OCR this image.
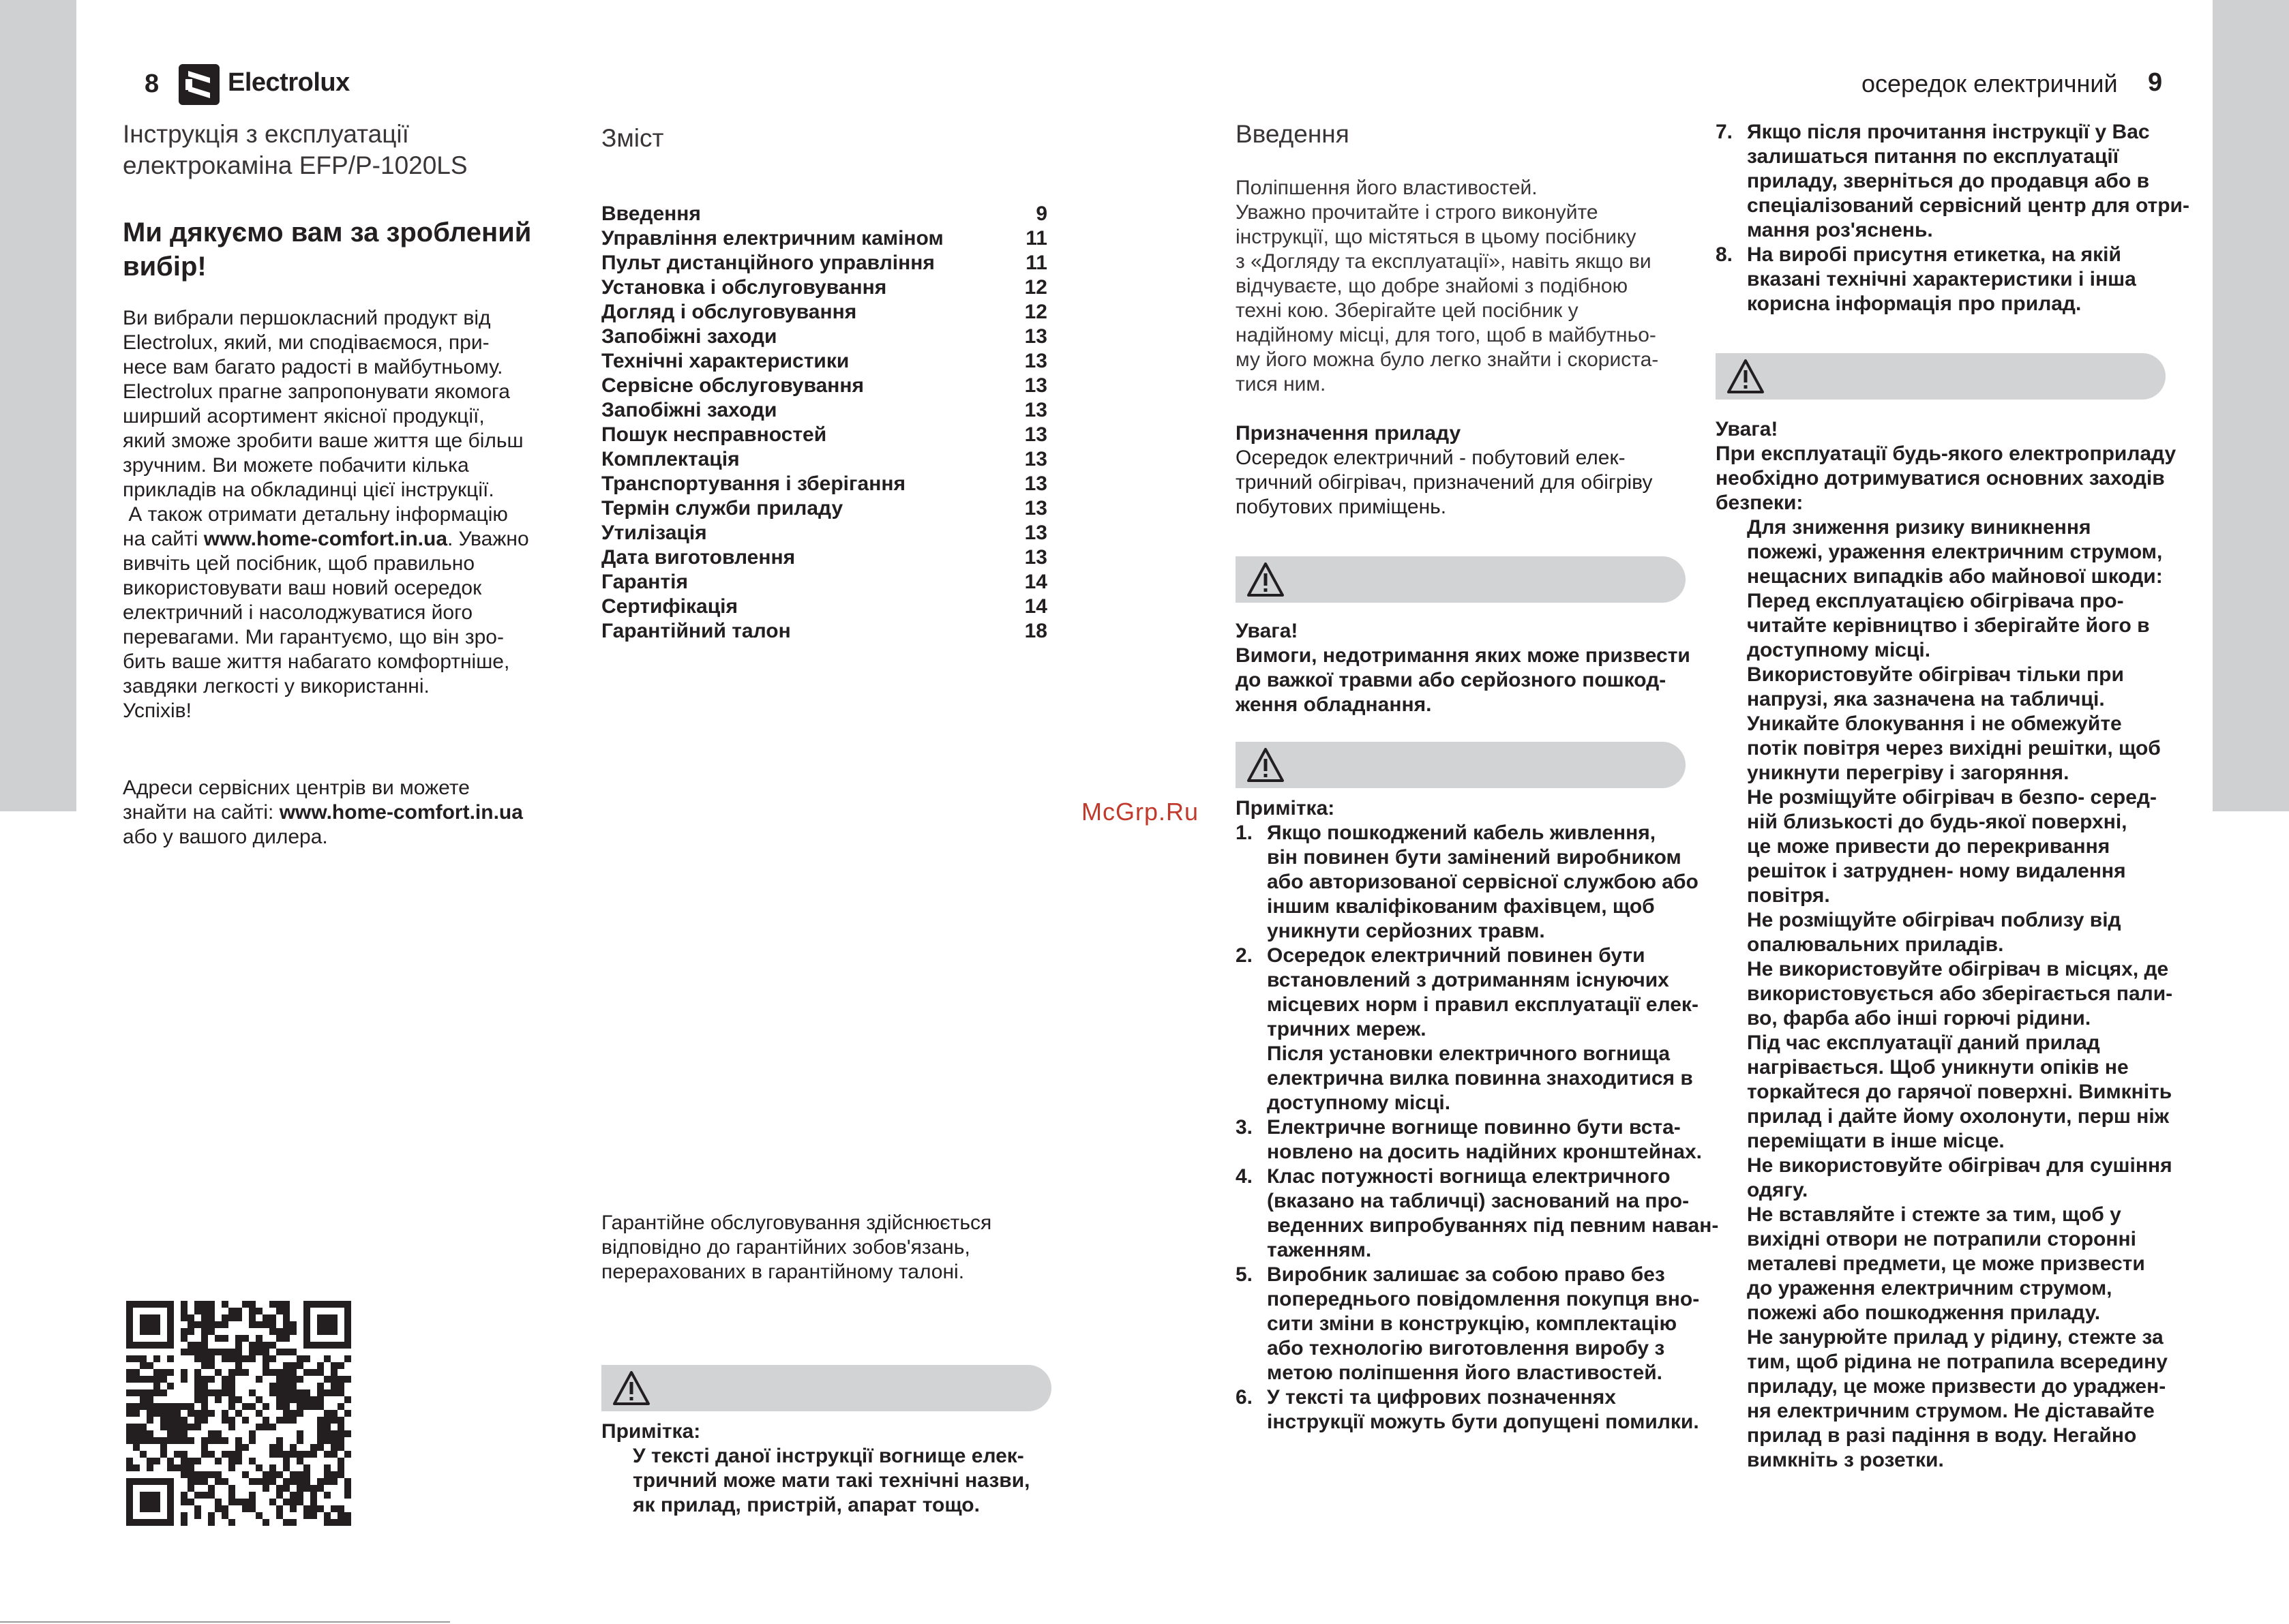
8	Electrolux	осередок електричний 9
Інструкція з експлуатації
електрокаміна EFP/P-1020LS
Ми дякуємо вам за зроблений
вибір!
Ви вибрали першокласний продукт від
Electrolux, який, ми сподіваємося, при-
несе вам багато радості в майбутньому.
Electrolux прагне запропонувати якомога
ширший асортимент якісної продукції,
який зможе зробити ваше життя ще більш
зручним. Ви можете побачити кілька
прикладів на обкладинці цієї інструкції.
А також отримати детальну інформацію
на сайті www.home-comfort.in.ua. Уважно
вивчіть цей посібник, щоб правильно
використовувати ваш новий осередок
електричний і насолоджуватися його
перевагами. Ми гарантуємо, що він зро-
бить ваше життя набагато комфортніше,
завдяки легкості у використанні.
Успіхів!
Адреси сервісних центрів ви можете
знайти на сайті: www.home-comfort.in.ua
або у вашого дилера.
Зміст
Введення	9
Управління електричним каміном	11
Пульт дистанційного управління	11
Установка і обслуговування	12
Догляд і обслуговування	12
Запобіжні заходи	13
Технічні характеристики	13
Сервісне обслуговування	13
Запобіжні заходи	13
Пошук несправностей	13
Комплектація	13
Транспортування і зберігання	13
Термін служби приладу	13
Утилізація	13
Дата виготовлення	13
Гарантія	14
Сертифікація	14
Гарантійний талон	18
Гарантійне обслуговування здійснюється
відповідно до гарантійних зобов'язань,
перерахованих в гарантійному талоні.
Примітка:
У тексті даної інструкції вогнище елек-
тричний може мати такі технічні назви,
як прилад, пристрій, апарат тощо.
Введення
Поліпшення його властивостей.
Уважно прочитайте і строго виконуйте
інструкції, що містяться в цьому посібнику
з «Догляду та експлуатації», навіть якщо ви
відчуваєте, що добре знайомі з подібною
техні кою. Зберігайте цей посібник у
надійному місці, для того, щоб в майбутньо-
му його можна було легко знайти і скориста-
тися ним.
Призначення приладу
Осередок електричний - побутовий елек-
тричний обігрівач, призначений для обігріву
побутових приміщень.
Увага!
Вимоги, недотримання яких може призвести
до важкої травми або серйозного пошкод-
ження обладнання.
Примітка:
1. Якщо пошкоджений кабель живлення,
він повинен бути замінений виробником
або авторизованої сервісної службою або
іншим кваліфікованим фахівцем, щоб
уникнути серйозних травм.
2. Осередок електричний повинен бути
встановлений з дотриманням існуючих
місцевих норм і правил експлуатації елек-
тричних мереж.
Після установки електричного вогнища
електрична вилка повинна знаходитися в
доступному місці.
3. Електричне вогнище повинно бути вста-
новлено на досить надійних кронштейнах.
4. Клас потужності вогнища електричного
(вказано на табличці) заснований на про-
веденних випробуваннях під певним навaн-
таженням.
5. Виробник залишає за собою право без
попереднього повідомлення покупця вно-
сити зміни в конструкцію, комплектацію
або технологію виготовлення виробу з
метою поліпшення його властивостей.
6. У тексті та цифрових позначеннях
інструкції можуть бути допущені помилки.
7. Якщо після прочитання інструкції у Вас
залишаться питання по експлуатації
приладу, зверніться до продавця або в
спеціалізований сервісний центр для отри-
мання роз'яснень.
8. На виробі присутня етикетка, на якій
вказані технічні характеристики і інша
корисна інформація про прилад.
Увага!
При експлуатації будь-якого електроприладу
необхідно дотримуватися основних заходів
безпеки:
Для зниження ризику виникнення
пожежі, ураження електричним струмом,
нещасних випадків або майнової шкоди:
Перед експлуатацією обігрівача про-
читайте керівництво і зберігайте його в
доступному місці.
Використовуйте обігрівач тільки при
напрузі, яка зазначена на табличці.
Уникайте блокування і не обмежуйте
потік повітря через вихідні решітки, щоб
уникнути перегріву і загоряння.
Не розміщуйте обігрівач в безпо- серед-
ній близькості до будь-якої поверхні,
це може привести до перекривання
решіток і затруднен- ному видалення
повітря.
Не розміщуйте обігрівач поблизу від
опалювальних приладів.
Не використовуйте обігрівач в місцях, де
використовується або зберігається пали-
во, фарба або інші горючі рідини.
Під час експлуатації даний прилад
нагрівається. Щоб уникнути опіків не
торкайтеся до гарячої поверхні. Вимкніть
прилад і дайте йому охолонути, перш ніж
переміщати в інше місце.
Не використовуйте обігрівач для сушіння
одягу.
Не вставляйте і стежте за тим, щоб у
вихідні отвори не потрапили сторонні
металеві предмети, це може призвести
до ураження електричним струмом,
пожежі або пошкодження приладу.
Не занурюйте прилад у рідину, стежте за
тим, щоб рідина не потрапила всередину
приладу, це може призвести до ураджен-
ня електричним струмом. Не діставайте
прилад в разі падіння в воду. Негайно
вимкніть з розетки.
McGrp.Ru
